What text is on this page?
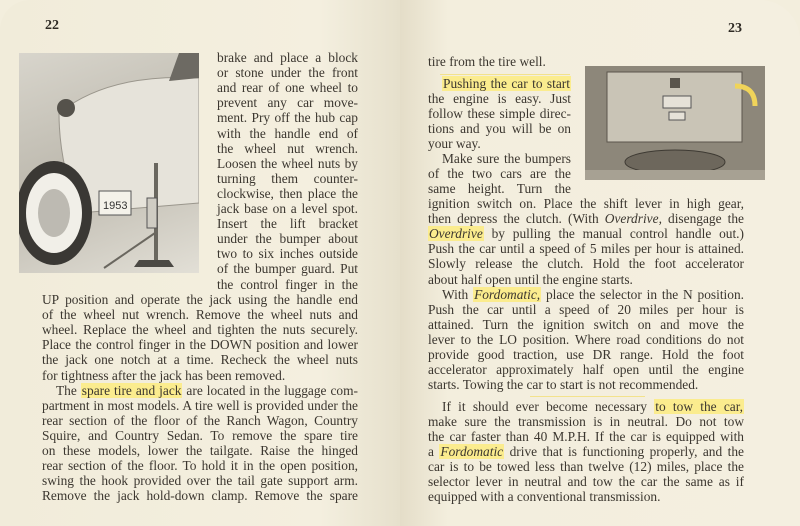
22
1953
brake and place a block
or stone under the front
and rear of one wheel to
prevent any car move-
ment. Pry off the hub cap
with the handle end of
the wheel nut wrench.
Loosen the wheel nuts by
turning them counter-
clockwise, then place the
jack base on a level spot.
Insert the lift bracket
under the bumper about
two to six inches outside
of the bumper guard. Put
the control finger in the
UP position and operate the jack using the handle end
of the wheel nut wrench. Remove the wheel nuts and
wheel. Replace the wheel and tighten the nuts securely.
Place the control finger in the DOWN position and lower
the jack one notch at a time. Recheck the wheel nuts
for tightness after the jack has been removed.
The spare tire and jack are located in the luggage com-
partment in most models. A tire well is provided under the
rear section of the floor of the Ranch Wagon, Country
Squire, and Country Sedan. To remove the spare tire
on these models, lower the tailgate. Raise the hinged
rear section of the floor. To hold it in the open position,
swing the hook provided over the tail gate support arm.
Remove the jack hold-down clamp. Remove the spare
23
tire from the tire well.
Pushing the car to start
the engine is easy. Just
follow these simple direc-
tions and you will be on
your way.
Make sure the bumpers
of the two cars are the
same height. Turn the
ignition switch on. Place the shift lever in high gear,
then depress the clutch. (With Overdrive, disengage the
Overdrive by pulling the manual control handle out.)
Push the car until a speed of 5 miles per hour is attained.
Slowly release the clutch. Hold the foot accelerator
about half open until the engine starts.
With Fordomatic, place the selector in the N position.
Push the car until a speed of 20 miles per hour is
attained. Turn the ignition switch on and move the
lever to the LO position. Where road conditions do not
provide good traction, use DR range. Hold the foot
accelerator approximately half open until the engine
starts. Towing the car to start is not recommended.
If it should ever become necessary to tow the car,
make sure the transmission is in neutral. Do not tow
the car faster than 40 M.P.H. If the car is equipped with
a Fordomatic drive that is functioning properly, and the
car is to be towed less than twelve (12) miles, place the
selector lever in neutral and tow the car the same as if
equipped with a conventional transmission.
